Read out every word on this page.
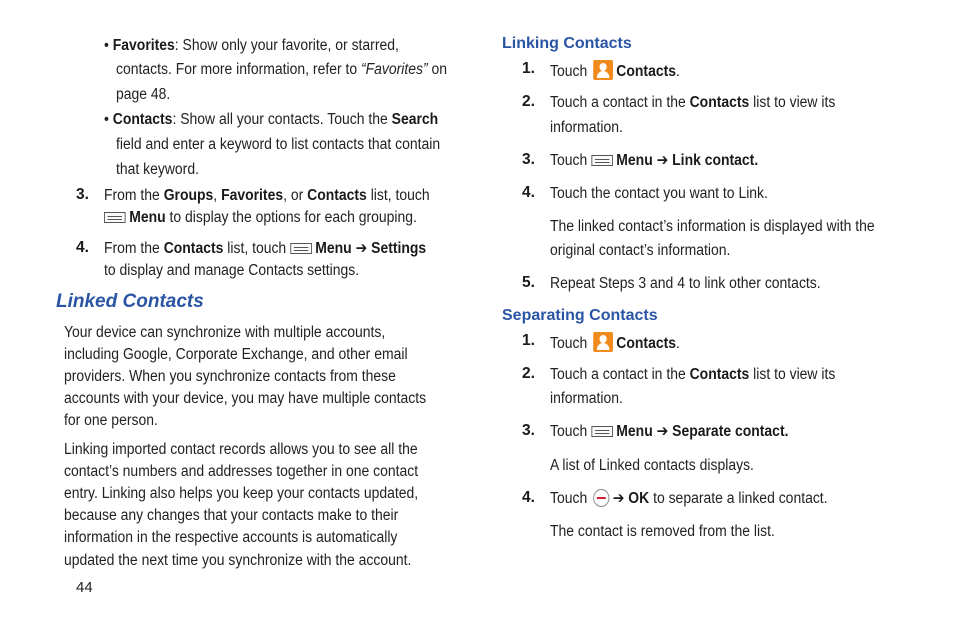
• Favorites: Show only your favorite, or starred,
contacts. For more information, refer to “Favorites” on
page 48.
• Contacts: Show all your contacts. Touch the Search
field and enter a keyword to list contacts that contain
that keyword.
3. From the Groups, Favorites, or Contacts list, touch
Menu to display the options for each grouping.
4. From the Contacts list, touch Menu ➔ Settings
to display and manage Contacts settings.
Linked Contacts
Your device can synchronize with multiple accounts,
including Google, Corporate Exchange, and other email
providers. When you synchronize contacts from these
accounts with your device, you may have multiple contacts
for one person.
Linking imported contact records allows you to see all the
contact’s numbers and addresses together in one contact
entry. Linking also helps you keep your contacts updated,
because any changes that your contacts make to their
information in the respective accounts is automatically
updated the next time you synchronize with the account.
44
Linking Contacts
1. Touch Contacts.
2. Touch a contact in the Contacts list to view its
information.
3. Touch Menu ➔ Link contact.
4. Touch the contact you want to Link.
The linked contact’s information is displayed with the
original contact’s information.
5. Repeat Steps 3 and 4 to link other contacts.
Separating Contacts
1. Touch Contacts.
2. Touch a contact in the Contacts list to view its
information.
3. Touch Menu ➔ Separate contact.
A list of Linked contacts displays.
4. Touch ➔ OK to separate a linked contact.
The contact is removed from the list.
